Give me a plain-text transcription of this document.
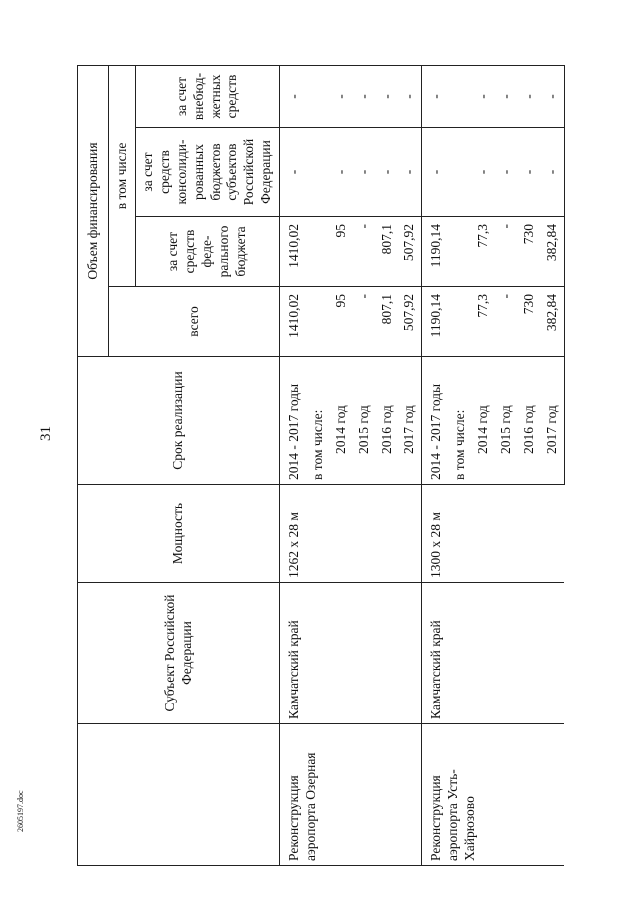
31
2605197.doc
	Субъект Российской Федерации	Мощность	Срок реализации	Объем финансирования			
				всего	в том числе		
					за счет средств феде- рального бюджета	за счет средств консолиди- рованных бюджетов субъектов Российской Федерации	за счет внебюд- жетных средств
Реконструкция аэропорта Озерная	Камчатский край	1262 х 28 м	2014 - 2017 годы	1410,02	1410,02	-	-
			в том числе:				
			2014 год	95	95	-	-
			2015 год	-	-	-	-
			2016 год	807,1	807,1	-	-
			2017 год	507,92	507,92	-	-
Реконструкция аэропорта Усть-Хайрюзово	Камчатский край	1300 х 28 м	2014 - 2017 годы	1190,14	1190,14	-	-
			в том числе:				
			2014 год	77,3	77,3	-	-
			2015 год	-	-	-	-
			2016 год	730	730	-	-
			2017 год	382,84	382,84	-	-
